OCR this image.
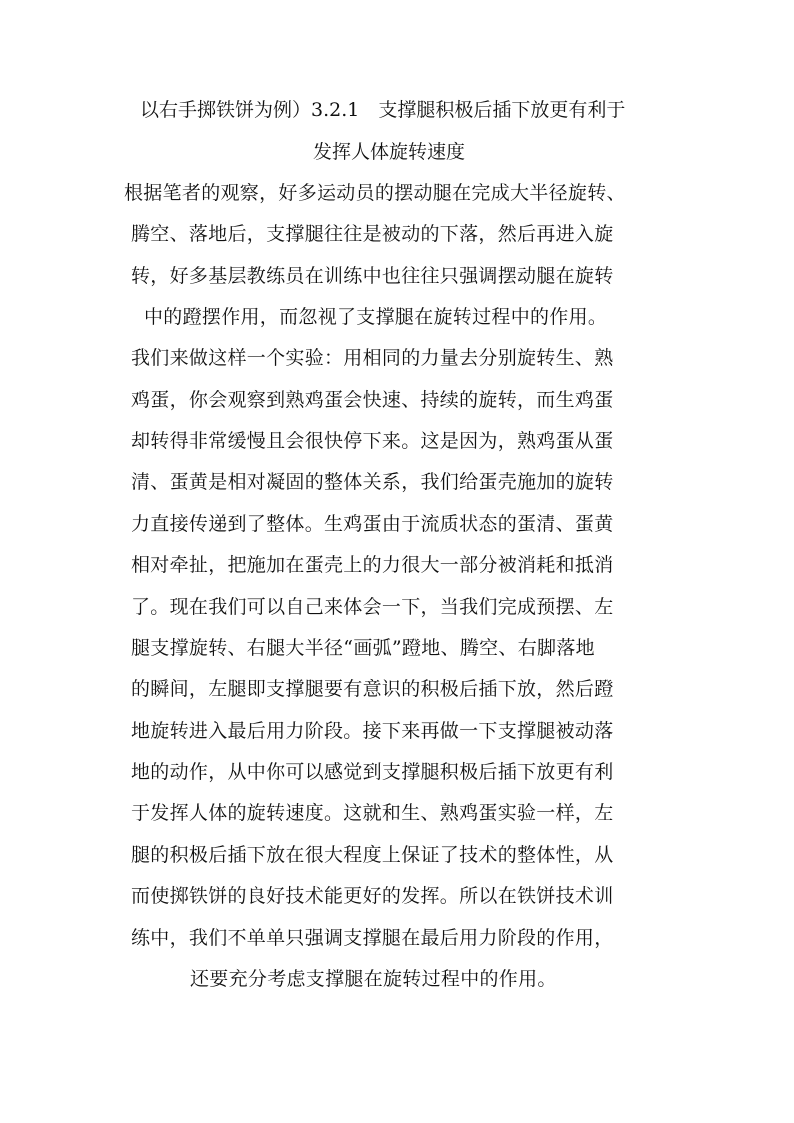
以右手掷铁饼为例）3.2.1　支撑腿积极后插下放更有利于
发挥人体旋转速度
根据笔者的观察，好多运动员的摆动腿在完成大半径旋转、
腾空、落地后，支撑腿往往是被动的下落，然后再进入旋
转，好多基层教练员在训练中也往往只强调摆动腿在旋转
中的蹬摆作用，而忽视了支撑腿在旋转过程中的作用。
我们来做这样一个实验：用相同的力量去分别旋转生、熟
鸡蛋，你会观察到熟鸡蛋会快速、持续的旋转，而生鸡蛋
却转得非常缓慢且会很快停下来。这是因为，熟鸡蛋从蛋
清、蛋黄是相对凝固的整体关系，我们给蛋壳施加的旋转
力直接传递到了整体。生鸡蛋由于流质状态的蛋清、蛋黄
相对牵扯，把施加在蛋壳上的力很大一部分被消耗和抵消
了。现在我们可以自己来体会一下，当我们完成预摆、左
腿支撑旋转、右腿大半径“画弧”蹬地、腾空、右脚落地
的瞬间，左腿即支撑腿要有意识的积极后插下放，然后蹬
地旋转进入最后用力阶段。接下来再做一下支撑腿被动落
地的动作，从中你可以感觉到支撑腿积极后插下放更有利
于发挥人体的旋转速度。这就和生、熟鸡蛋实验一样，左
腿的积极后插下放在很大程度上保证了技术的整体性，从
而使掷铁饼的良好技术能更好的发挥。所以在铁饼技术训
练中，我们不单单只强调支撑腿在最后用力阶段的作用，
还要充分考虑支撑腿在旋转过程中的作用。
